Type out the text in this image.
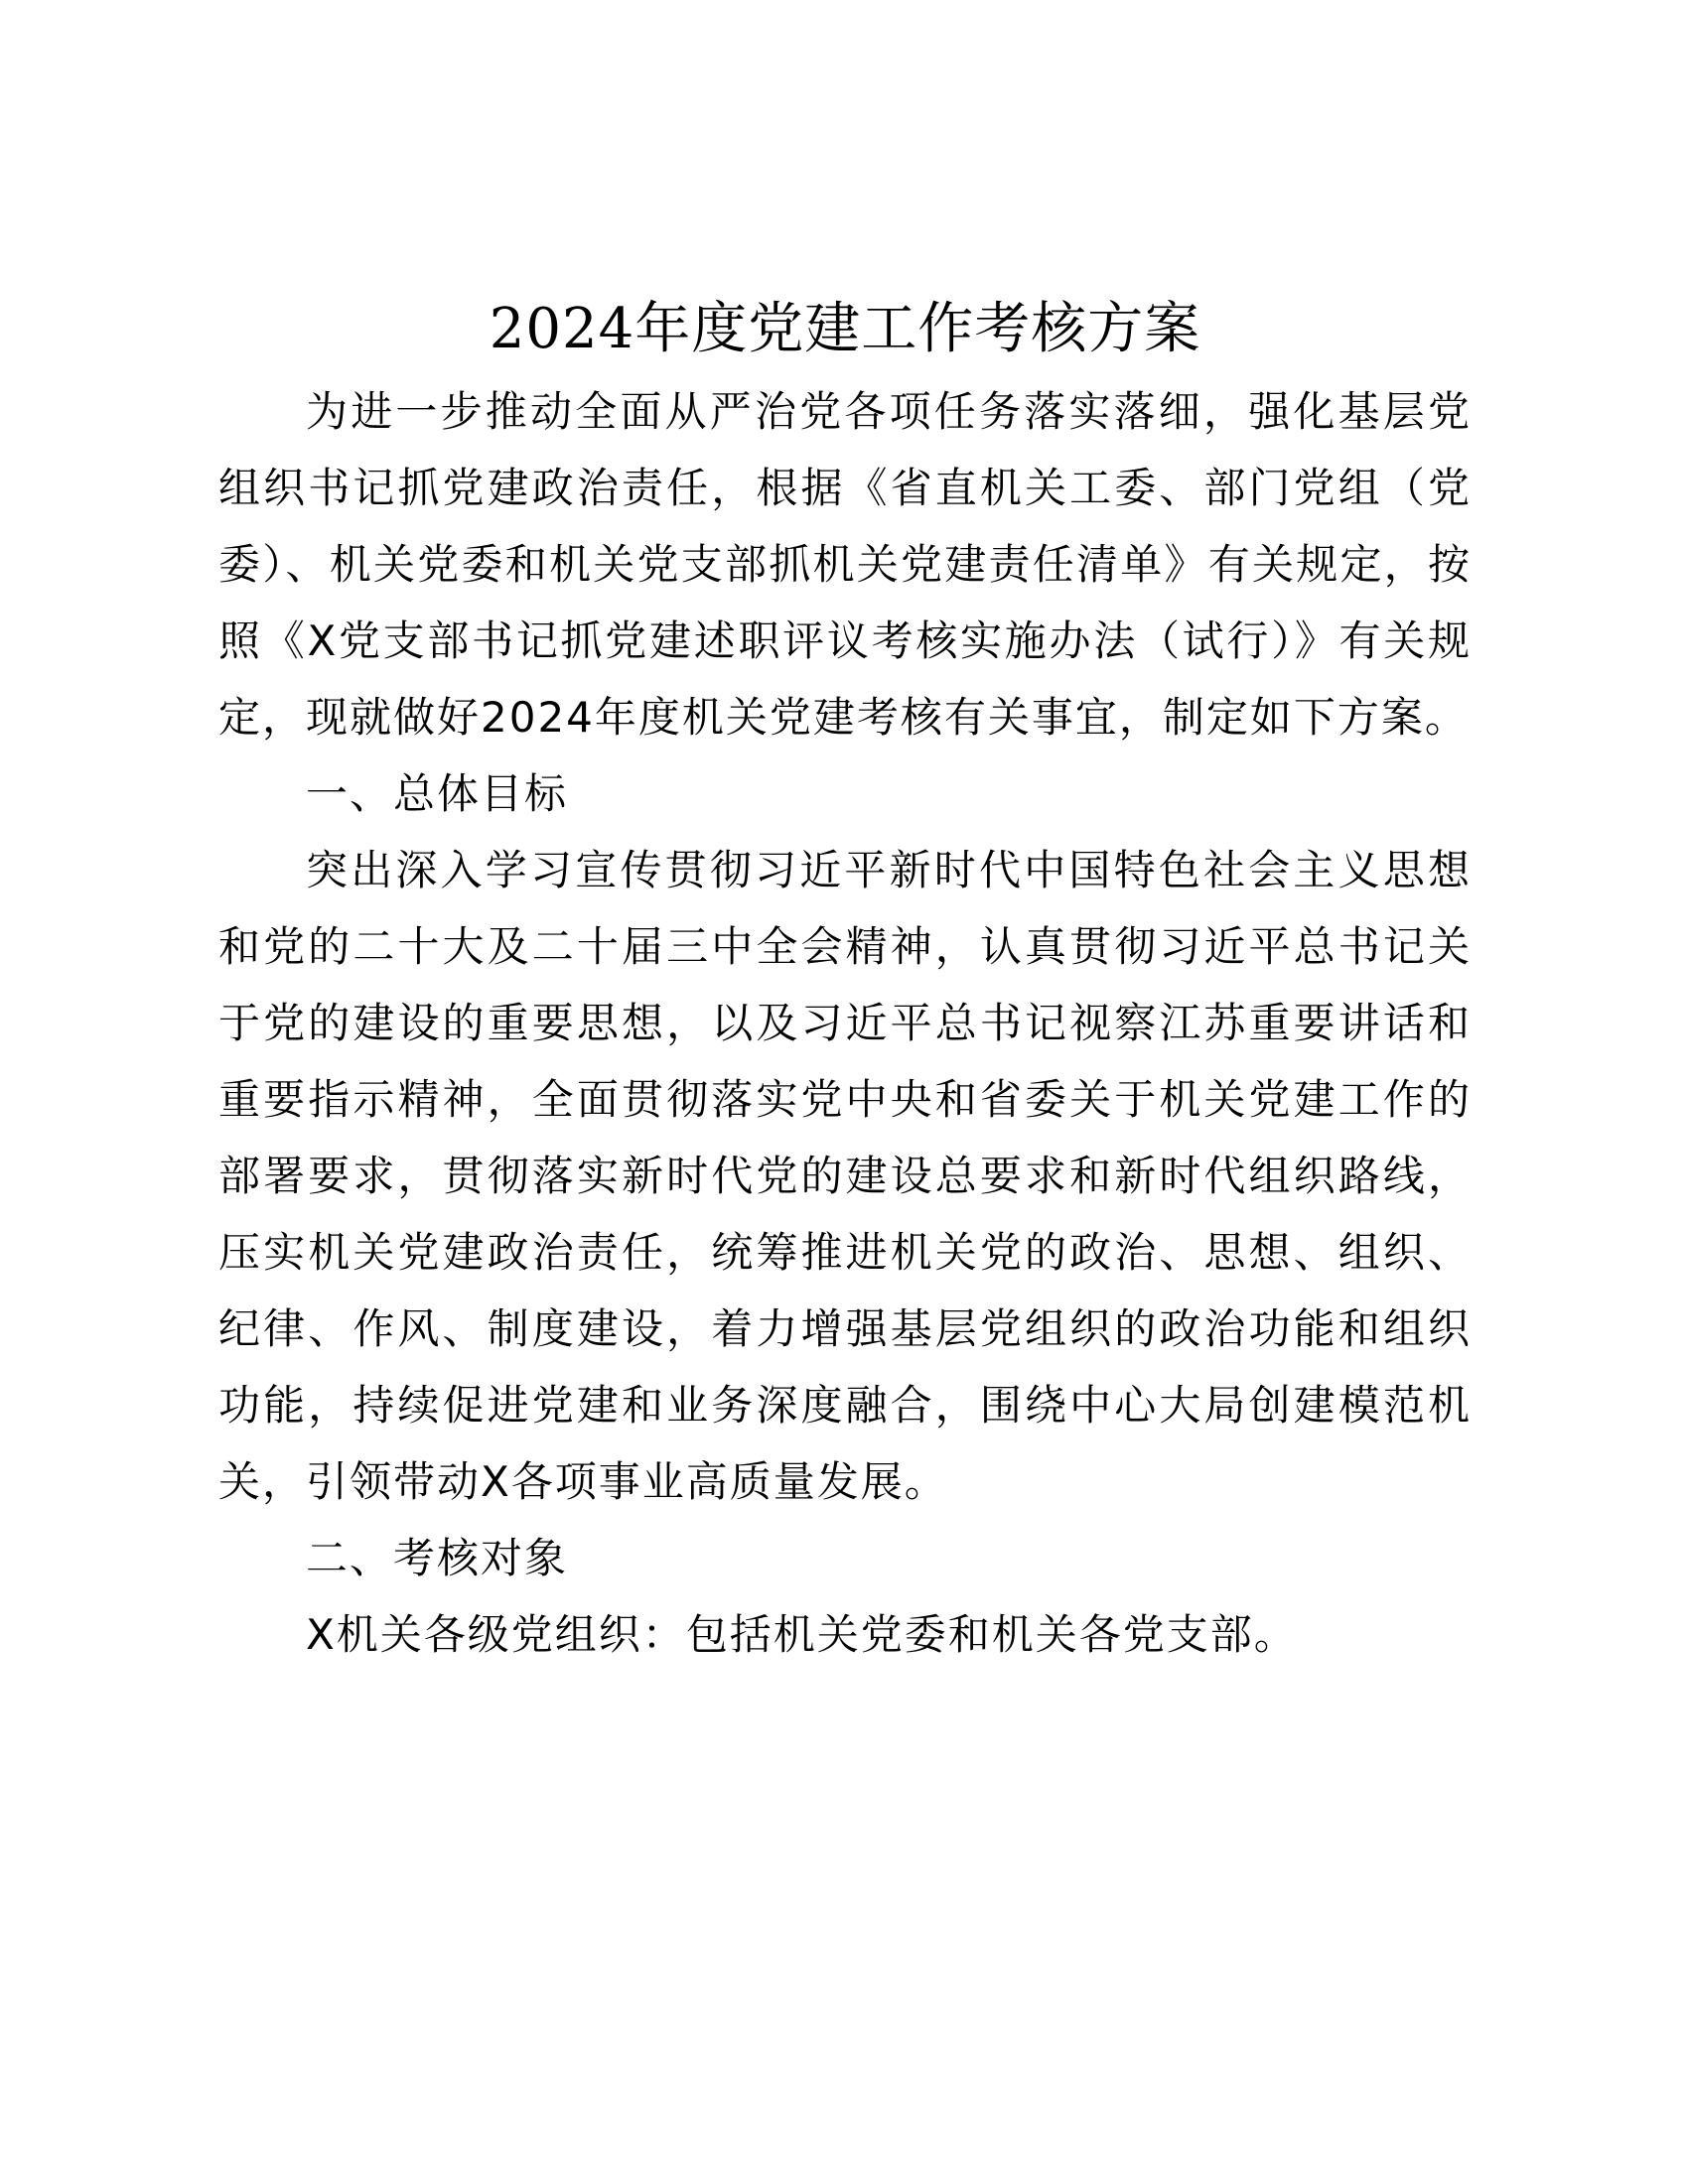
2024年度党建工作考核方案

为进一步推动全面从严治党各项任务落实落细，强化基层党组织书记抓党建政治责任，根据《省直机关工委、部门党组（党委）、机关党委和机关党支部抓机关党建责任清单》有关规定，按照《X党支部书记抓党建述职评议考核实施办法（试行）》有关规定，现就做好2024年度机关党建考核有关事宜，制定如下方案。

一、总体目标

突出深入学习宣传贯彻习近平新时代中国特色社会主义思想和党的二十大及二十届三中全会精神，认真贯彻习近平总书记关于党的建设的重要思想，以及习近平总书记视察江苏重要讲话和重要指示精神，全面贯彻落实党中央和省委关于机关党建工作的部署要求，贯彻落实新时代党的建设总要求和新时代组织路线，压实机关党建政治责任，统筹推进机关党的政治、思想、组织、纪律、作风、制度建设，着力增强基层党组织的政治功能和组织功能，持续促进党建和业务深度融合，围绕中心大局创建模范机关，引领带动X各项事业高质量发展。

二、考核对象

X机关各级党组织：包括机关党委和机关各党支部。
